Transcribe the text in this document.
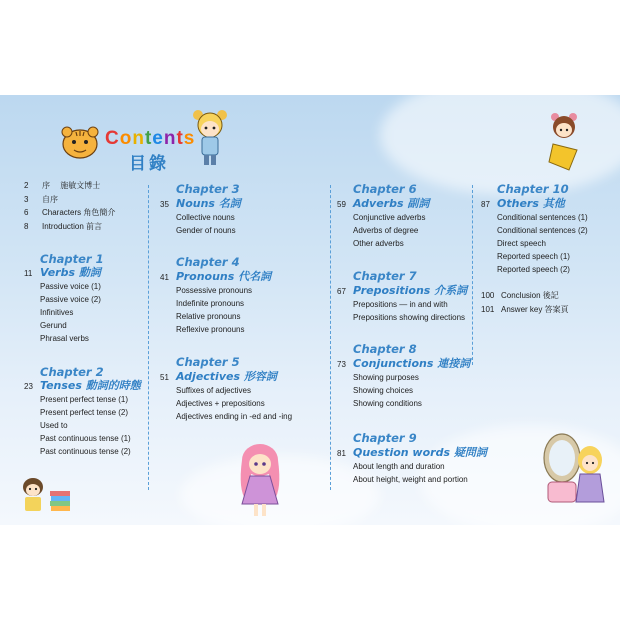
Contents
目錄
2	序 　施敏文博士
3	自序
6	Characters 角色簡介
8	Introduction 前言
Chapter 1
11 Verbs 動詞
Passive voice (1)
Passive voice (2)
Infinitives
Gerund
Phrasal verbs
Chapter 2
23 Tenses 動詞的時態
Present perfect tense (1)
Present perfect tense (2)
Used to
Past continuous tense (1)
Past continuous tense (2)
Chapter 3
35 Nouns 名詞
Collective nouns
Gender of nouns
Chapter 4
41 Pronouns 代名詞
Possessive pronouns
Indefinite pronouns
Relative pronouns
Reflexive pronouns
Chapter 5
51 Adjectives 形容詞
Suffixes of adjectives
Adjectives + prepositions
Adjectives ending in -ed and -ing
Chapter 6
59 Adverbs 副詞
Conjunctive adverbs
Adverbs of degree
Other adverbs
Chapter 7
67 Prepositions 介系詞
Prepositions — in and with
Prepositions showing directions
Chapter 8
73 Conjunctions 連接詞
Showing purposes
Showing choices
Showing conditions
Chapter 9
81 Question words 疑問詞
About length and duration
About height, weight and portion
Chapter 10
87 Others 其他
Conditional sentences (1)
Conditional sentences (2)
Direct speech
Reported speech (1)
Reported speech (2)
100 Conclusion 後記
101 Answer key 答案頁
